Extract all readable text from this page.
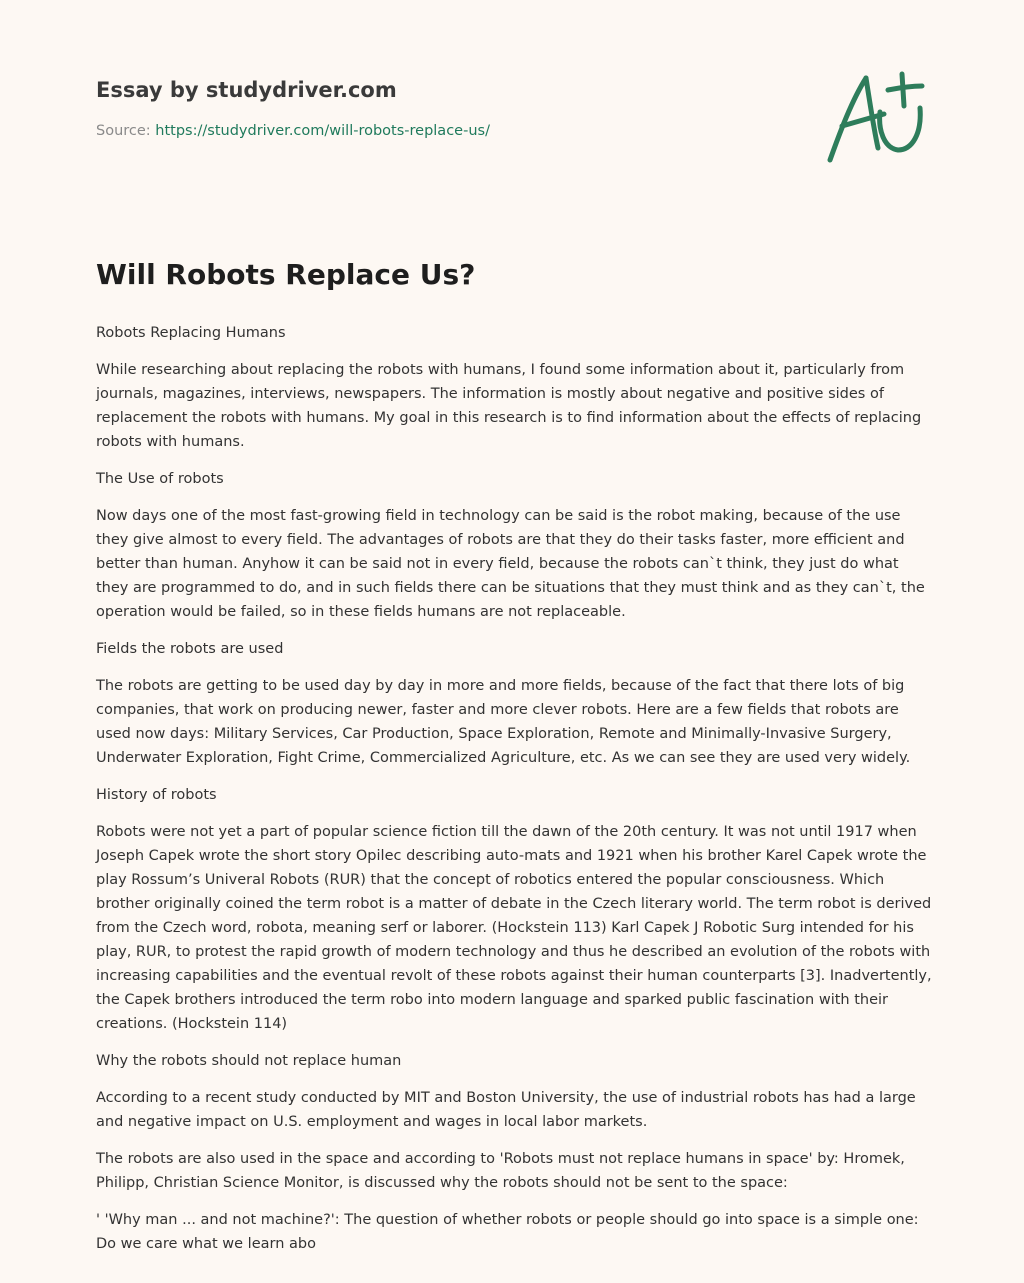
Essay by studydriver.com
Source: https://studydriver.com/will-robots-replace-us/
Will Robots Replace Us?

Robots Replacing Humans

While researching about replacing the robots with humans, I found some information about it, particularly from journals, magazines, interviews, newspapers. The information is mostly about negative and positive sides of replacement the robots with humans. My goal in this research is to find information about the effects of replacing robots with humans.

The Use of robots

Now days one of the most fast-growing field in technology can be said is the robot making, because of the use they give almost to every field. The advantages of robots are that they do their tasks faster, more efficient and better than human. Anyhow it can be said not in every field, because the robots can`t think, they just do what they are programmed to do, and in such fields there can be situations that they must think and as they can`t, the operation would be failed, so in these fields humans are not replaceable.

Fields the robots are used

The robots are getting to be used day by day in more and more fields, because of the fact that there lots of big companies, that work on producing newer, faster and more clever robots. Here are a few fields that robots are used now days: Military Services, Car Production, Space Exploration, Remote and Minimally-Invasive Surgery, Underwater Exploration, Fight Crime, Commercialized Agriculture, etc. As we can see they are used very widely.

History of robots

Robots were not yet a part of popular science fiction till the dawn of the 20th century. It was not until 1917 when Joseph Capek wrote the short story Opilec describing auto-mats and 1921 when his brother Karel Capek wrote the play Rossum’s Univeral Robots (RUR) that the concept of robotics entered the popular consciousness. Which brother originally coined the term robot is a matter of debate in the Czech literary world. The term robot is derived from the Czech word, robota, meaning serf or laborer. (Hockstein 113) Karl Capek J Robotic Surg intended for his play, RUR, to protest the rapid growth of modern technology and thus he described an evolution of the robots with increasing capabilities and the eventual revolt of these robots against their human counterparts [3]. Inadvertently, the Capek brothers introduced the term robo into modern language and sparked public fascination with their creations. (Hockstein 114)

Why the robots should not replace human

According to a recent study conducted by MIT and Boston University, the use of industrial robots has had a large and negative impact on U.S. employment and wages in local labor markets.

The robots are also used in the space and according to 'Robots must not replace humans in space' by: Hromek, Philipp, Christian Science Monitor, is discussed why the robots should not be sent to the space:

' 'Why man ... and not machine?': The question of whether robots or people should go into space is a simple one: Do we care what we learn abo
